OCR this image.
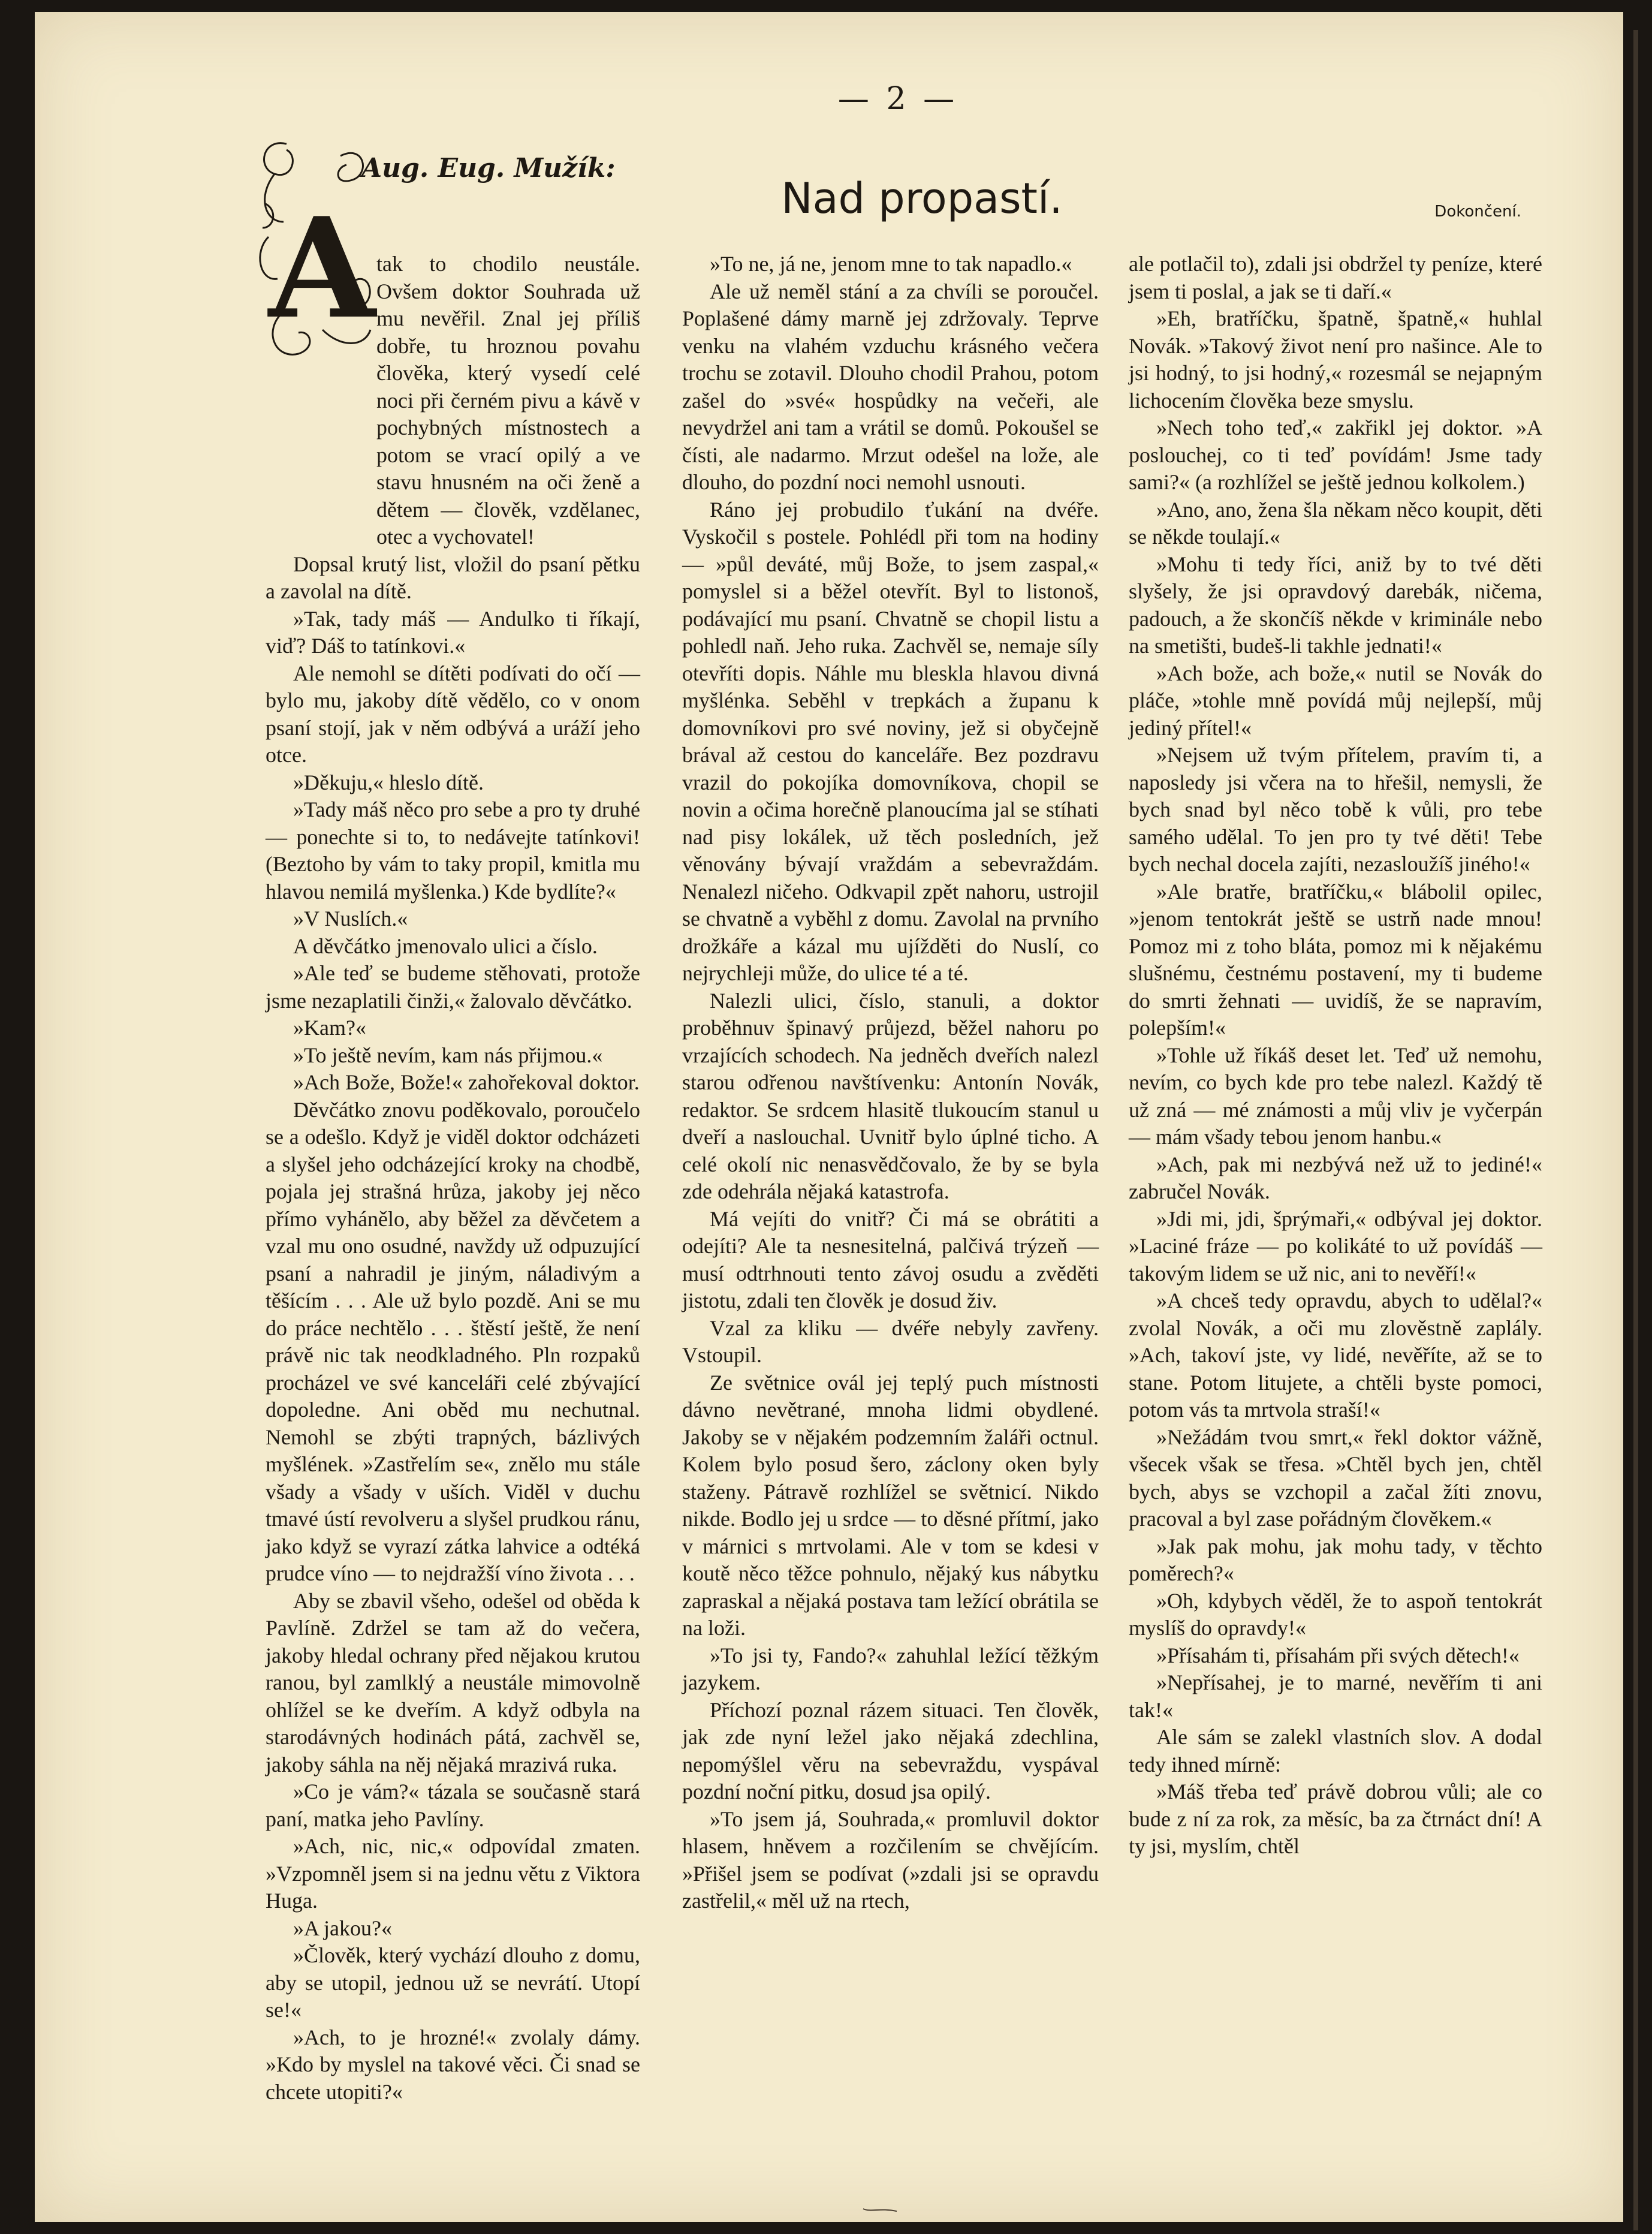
— 2 —
Aug. Eug. Mužík:
Nad propastí.	Dokončení.
A tak to chodilo neustále. Ovšem doktor Souhrada už mu nevěřil. Znal jej příliš dobře, tu hroznou povahu člověka, který vysedí celé noci při černém pivu a kávě v pochybných místnostech a potom se vrací opilý a ve stavu hnusném na oči ženě a dětem — člověk, vzdělanec, otec a vychovatel!

Dopsal krutý list, vložil do psaní pětku a zavolal na dítě.

»Tak, tady máš — Andulko ti říkají, viď? Dáš to tatínkovi.«

Ale nemohl se dítěti podívati do očí — bylo mu, jakoby dítě vědělo, co v onom psaní stojí, jak v něm odbývá a uráží jeho otce.

»Děkuju,« hleslo dítě.

»Tady máš něco pro sebe a pro ty druhé — ponechte si to, to nedávejte tatínkovi! (Beztoho by vám to taky propil, kmitla mu hlavou nemilá myšlenka.) Kde bydlíte?«

»V Nuslích.«

A děvčátko jmenovalo ulici a číslo.

»Ale teď se budeme stěhovati, protože jsme nezaplatili činži,« žalovalo děvčátko.

»Kam?«

»To ještě nevím, kam nás přijmou.«

»Ach Bože, Bože!« zahořekoval doktor.

Děvčátko znovu poděkovalo, poroučelo se a odešlo. Když je viděl doktor odcházeti a slyšel jeho odcházející kroky na chodbě, pojala jej strašná hrůza, jakoby jej něco přímo vyhánělo, aby běžel za děvčetem a vzal mu ono osudné, navždy už odpuzující psaní a nahradil je jiným, náladivým a těšícím . . . Ale už bylo pozdě. Ani se mu do práce nechtělo . . . štěstí ještě, že není právě nic tak neodkladného. Pln rozpaků procházel ve své kanceláři celé zbývající dopoledne. Ani oběd mu nechutnal. Nemohl se zbýti trapných, bázlivých myšlének. »Zastřelím se«, znělo mu stále všady a všady v uších. Viděl v duchu tmavé ústí revolveru a slyšel prudkou ránu, jako když se vyrazí zátka lahvice a odtéká prudce víno — to nejdražší víno života . . .

Aby se zbavil všeho, odešel od oběda k Pavlíně. Zdržel se tam až do večera, jakoby hledal ochrany před nějakou krutou ranou, byl zamlklý a neustále mimovolně ohlížel se ke dveřím. A když odbyla na starodávných hodinách pátá, zachvěl se, jakoby sáhla na něj nějaká mrazivá ruka.

»Co je vám?« tázala se současně stará paní, matka jeho Pavlíny.

»Ach, nic, nic,« odpovídal zmaten. »Vzpomněl jsem si na jednu větu z Viktora Huga.

»A jakou?«

»Člověk, který vychází dlouho z domu, aby se utopil, jednou už se nevrátí. Utopí se!«

»Ach, to je hrozné!« zvolaly dámy. »Kdo by myslel na takové věci. Či snad se chcete utopiti?«

»To ne, já ne, jenom mne to tak napadlo.«

Ale už neměl stání a za chvíli se poroučel. Poplašené dámy marně jej zdržovaly. Teprve venku na vlahém vzduchu krásného večera trochu se zotavil. Dlouho chodil Prahou, potom zašel do »své« hospůdky na večeři, ale nevydržel ani tam a vrátil se domů. Pokoušel se čísti, ale nadarmo. Mrzut odešel na lože, ale dlouho, do pozdní noci nemohl usnouti.

Ráno jej probudilo ťukání na dvéře. Vyskočil s postele. Pohlédl při tom na hodiny — »půl deváté, můj Bože, to jsem zaspal,« pomyslel si a běžel otevřít. Byl to listonoš, podávající mu psaní. Chvatně se chopil listu a pohledl naň. Jeho ruka. Zachvěl se, nemaje síly otevříti dopis. Náhle mu bleskla hlavou divná myšlénka. Seběhl v trepkách a županu k domovníkovi pro své noviny, jež si obyčejně brával až cestou do kanceláře. Bez pozdravu vrazil do pokojíka domovníkova, chopil se novin a očima horečně planoucíma jal se stíhati nad pisy lokálek, už těch posledních, jež věnovány bývají vraždám a sebevraždám. Nenalezl ničeho. Odkvapil zpět nahoru, ustrojil se chvatně a vyběhl z domu. Zavolal na prvního drožkáře a kázal mu ujížděti do Nuslí, co nejrychleji může, do ulice té a té.

Nalezli ulici, číslo, stanuli, a doktor proběhnuv špinavý průjezd, běžel nahoru po vrzajících schodech. Na jedněch dveřích nalezl starou odřenou navštívenku: Antonín Novák, redaktor. Se srdcem hlasitě tlukoucím stanul u dveří a naslouchal. Uvnitř bylo úplné ticho. A celé okolí nic nenasvědčovalo, že by se byla zde odehrála nějaká katastrofa.

Má vejíti do vnitř? Či má se obrátiti a odejíti? Ale ta nesnesitelná, palčivá trýzeň — musí odtrhnouti tento závoj osudu a zvěděti jistotu, zdali ten člověk je dosud živ.

Vzal za kliku — dvéře nebyly zavřeny. Vstoupil.

Ze světnice ovál jej teplý puch místnosti dávno nevětrané, mnoha lidmi obydlené. Jakoby se v nějakém podzemním žaláři octnul. Kolem bylo posud šero, záclony oken byly staženy. Pátravě rozhlížel se světnicí. Nikdo nikde. Bodlo jej u srdce — to děsné přítmí, jako v márnici s mrtvolami. Ale v tom se kdesi v koutě něco těžce pohnulo, nějaký kus nábytku zapraskal a nějaká postava tam ležící obrátila se na loži.

»To jsi ty, Fando?« zahuhlal ležící těžkým jazykem.

Příchozí poznal rázem situaci. Ten člověk, jak zde nyní ležel jako nějaká zdechlina, nepomýšlel věru na sebevraždu, vyspával pozdní noční pitku, dosud jsa opilý.

»To jsem já, Souhrada,« promluvil doktor hlasem, hněvem a rozčilením se chvějícím. »Přišel jsem se podívat (»zdali jsi se opravdu zastřelil,« měl už na rtech,

ale potlačil to), zdali jsi obdržel ty peníze, které jsem ti poslal, a jak se ti daří.«

»Eh, bratříčku, špatně, špatně,« huhlal Novák. »Takový život není pro našince. Ale to jsi hodný, to jsi hodný,« rozesmál se nejapným lichocením člověka beze smyslu.

»Nech toho teď,« zakřikl jej doktor. »A poslouchej, co ti teď povídám! Jsme tady sami?« (a rozhlížel se ještě jednou kolkolem.)

»Ano, ano, žena šla někam něco koupit, děti se někde toulají.«

»Mohu ti tedy říci, aniž by to tvé děti slyšely, že jsi opravdový darebák, ničema, padouch, a že skončíš někde v kriminále nebo na smetišti, budeš-li takhle jednati!«

»Ach bože, ach bože,« nutil se Novák do pláče, »tohle mně povídá můj nejlepší, můj jediný přítel!«

»Nejsem už tvým přítelem, pravím ti, a naposledy jsi včera na to hřešil, nemysli, že bych snad byl něco tobě k vůli, pro tebe samého udělal. To jen pro ty tvé děti! Tebe bych nechal docela zajíti, nezasloužíš jiného!«

»Ale bratře, bratříčku,« blábolil opilec, »jenom tentokrát ještě se ustrň nade mnou! Pomoz mi z toho bláta, pomoz mi k nějakému slušnému, čestnému postavení, my ti budeme do smrti žehnati — uvidíš, že se napravím, polepším!«

»Tohle už říkáš deset let. Teď už nemohu, nevím, co bych kde pro tebe nalezl. Každý tě už zná — mé známosti a můj vliv je vyčerpán — mám všady tebou jenom hanbu.«

»Ach, pak mi nezbývá než už to jediné!« zabručel Novák.

»Jdi mi, jdi, šprýmaři,« odbýval jej doktor. »Laciné fráze — po kolikáté to už povídáš — takovým lidem se už nic, ani to nevěří!«

»A chceš tedy opravdu, abych to udělal?« zvolal Novák, a oči mu zlověstně zaplály. »Ach, takoví jste, vy lidé, nevěříte, až se to stane. Potom litujete, a chtěli byste pomoci, potom vás ta mrtvola straší!«

»Nežádám tvou smrt,« řekl doktor vážně, všecek však se třesa. »Chtěl bych jen, chtěl bych, abys se vzchopil a začal žíti znovu, pracoval a byl zase pořádným člověkem.«

»Jak pak mohu, jak mohu tady, v těchto poměrech?«

»Oh, kdybych věděl, že to aspoň tentokrát myslíš do opravdy!«

»Přísahám ti, přísahám při svých dětech!«

»Nepřísahej, je to marné, nevěřím ti ani tak!«

Ale sám se zalekl vlastních slov. A dodal tedy ihned mírně:

»Máš třeba teď právě dobrou vůli; ale co bude z ní za rok, za měsíc, ba za čtrnáct dní! A ty jsi, myslím, chtěl
